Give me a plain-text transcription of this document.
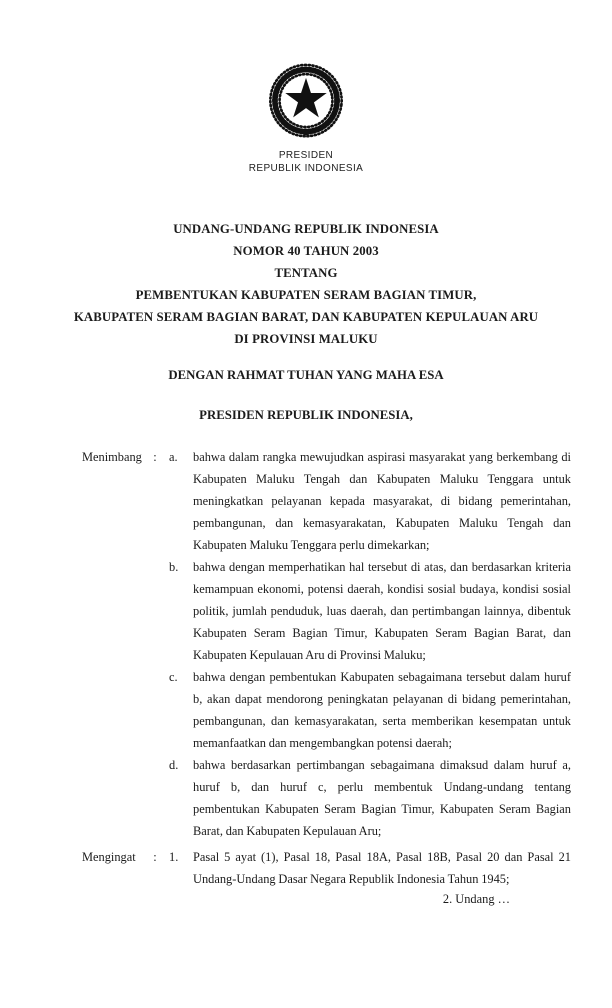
PRESIDEN
REPUBLIK INDONESIA
UNDANG-UNDANG REPUBLIK INDONESIA
NOMOR 40 TAHUN 2003
TENTANG
PEMBENTUKAN KABUPATEN SERAM BAGIAN TIMUR,
KABUPATEN SERAM BAGIAN BARAT, DAN KABUPATEN KEPULAUAN ARU
DI PROVINSI MALUKU
DENGAN RAHMAT TUHAN YANG MAHA ESA
PRESIDEN REPUBLIK INDONESIA,
Menimbang : a.	bahwa dalam rangka mewujudkan aspirasi masyarakat yang berkembang di Kabupaten Maluku Tengah dan Kabupaten Maluku Tenggara untuk meningkatkan pelayanan kepada masyarakat, di bidang pemerintahan, pembangunan, dan kemasyarakatan, Kabupaten Maluku Tengah dan Kabupaten Maluku Tenggara perlu dimekarkan;
b.	bahwa dengan memperhatikan hal tersebut di atas, dan berdasarkan kriteria kemampuan ekonomi, potensi daerah, kondisi sosial budaya, kondisi sosial politik, jumlah penduduk, luas daerah, dan pertimbangan lainnya, dibentuk Kabupaten Seram Bagian Timur, Kabupaten Seram Bagian Barat, dan Kabupaten Kepulauan Aru di Provinsi Maluku;
c.	bahwa dengan pembentukan Kabupaten sebagaimana tersebut dalam huruf b, akan dapat mendorong peningkatan pelayanan di bidang pemerintahan, pembangunan, dan kemasyarakatan, serta memberikan kesempatan untuk memanfaatkan dan mengembangkan potensi daerah;
d.	bahwa berdasarkan pertimbangan sebagaimana dimaksud dalam huruf a, huruf b, dan huruf c, perlu membentuk Undang-undang tentang pembentukan Kabupaten Seram Bagian Timur, Kabupaten Seram Bagian Barat, dan Kabupaten Kepulauan Aru;
Mengingat	: 1.	Pasal 5 ayat (1), Pasal 18, Pasal 18A, Pasal 18B, Pasal 20 dan Pasal 21 Undang-Undang Dasar Negara Republik Indonesia Tahun 1945;
2. Undang …
